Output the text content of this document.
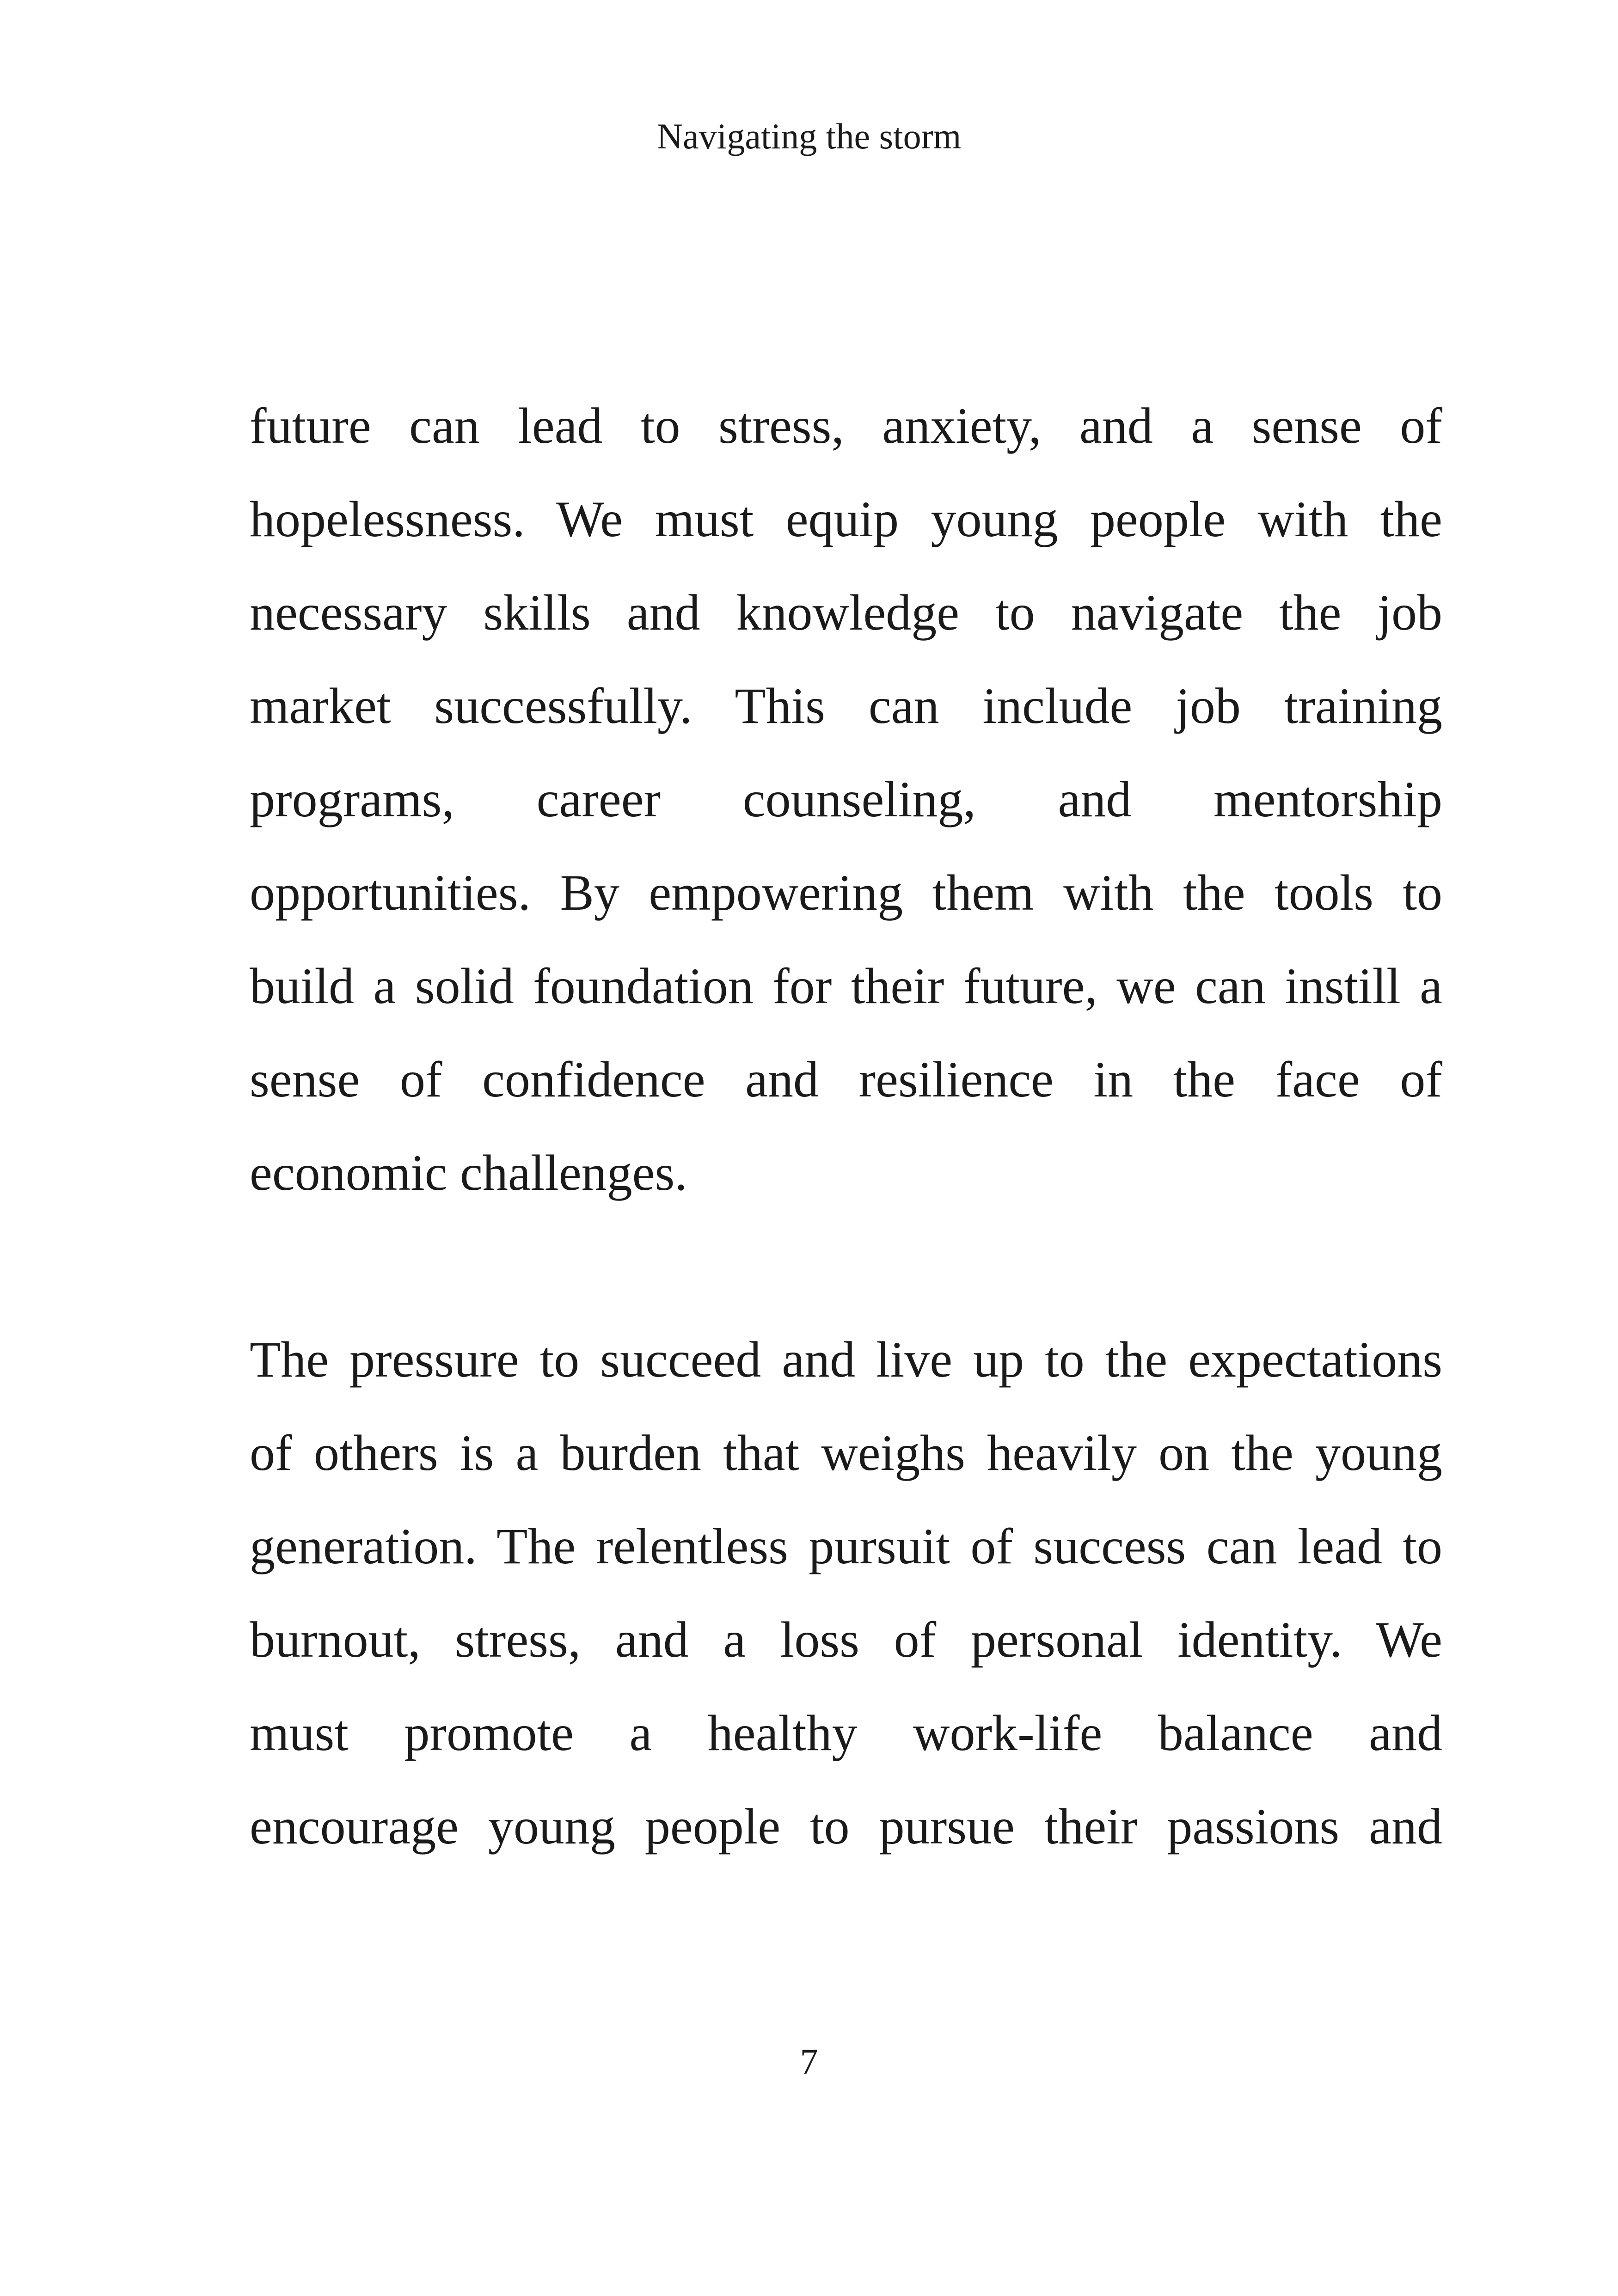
Navigating the storm

future can lead to stress, anxiety, and a sense of
hopelessness. We must equip young people with the
necessary skills and knowledge to navigate the job
market successfully. This can include job training
programs, career counseling, and mentorship
opportunities. By empowering them with the tools to
build a solid foundation for their future, we can instill a
sense of confidence and resilience in the face of
economic challenges.

The pressure to succeed and live up to the expectations
of others is a burden that weighs heavily on the young
generation. The relentless pursuit of success can lead to
burnout, stress, and a loss of personal identity. We
must promote a healthy work-life balance and
encourage young people to pursue their passions and

7
